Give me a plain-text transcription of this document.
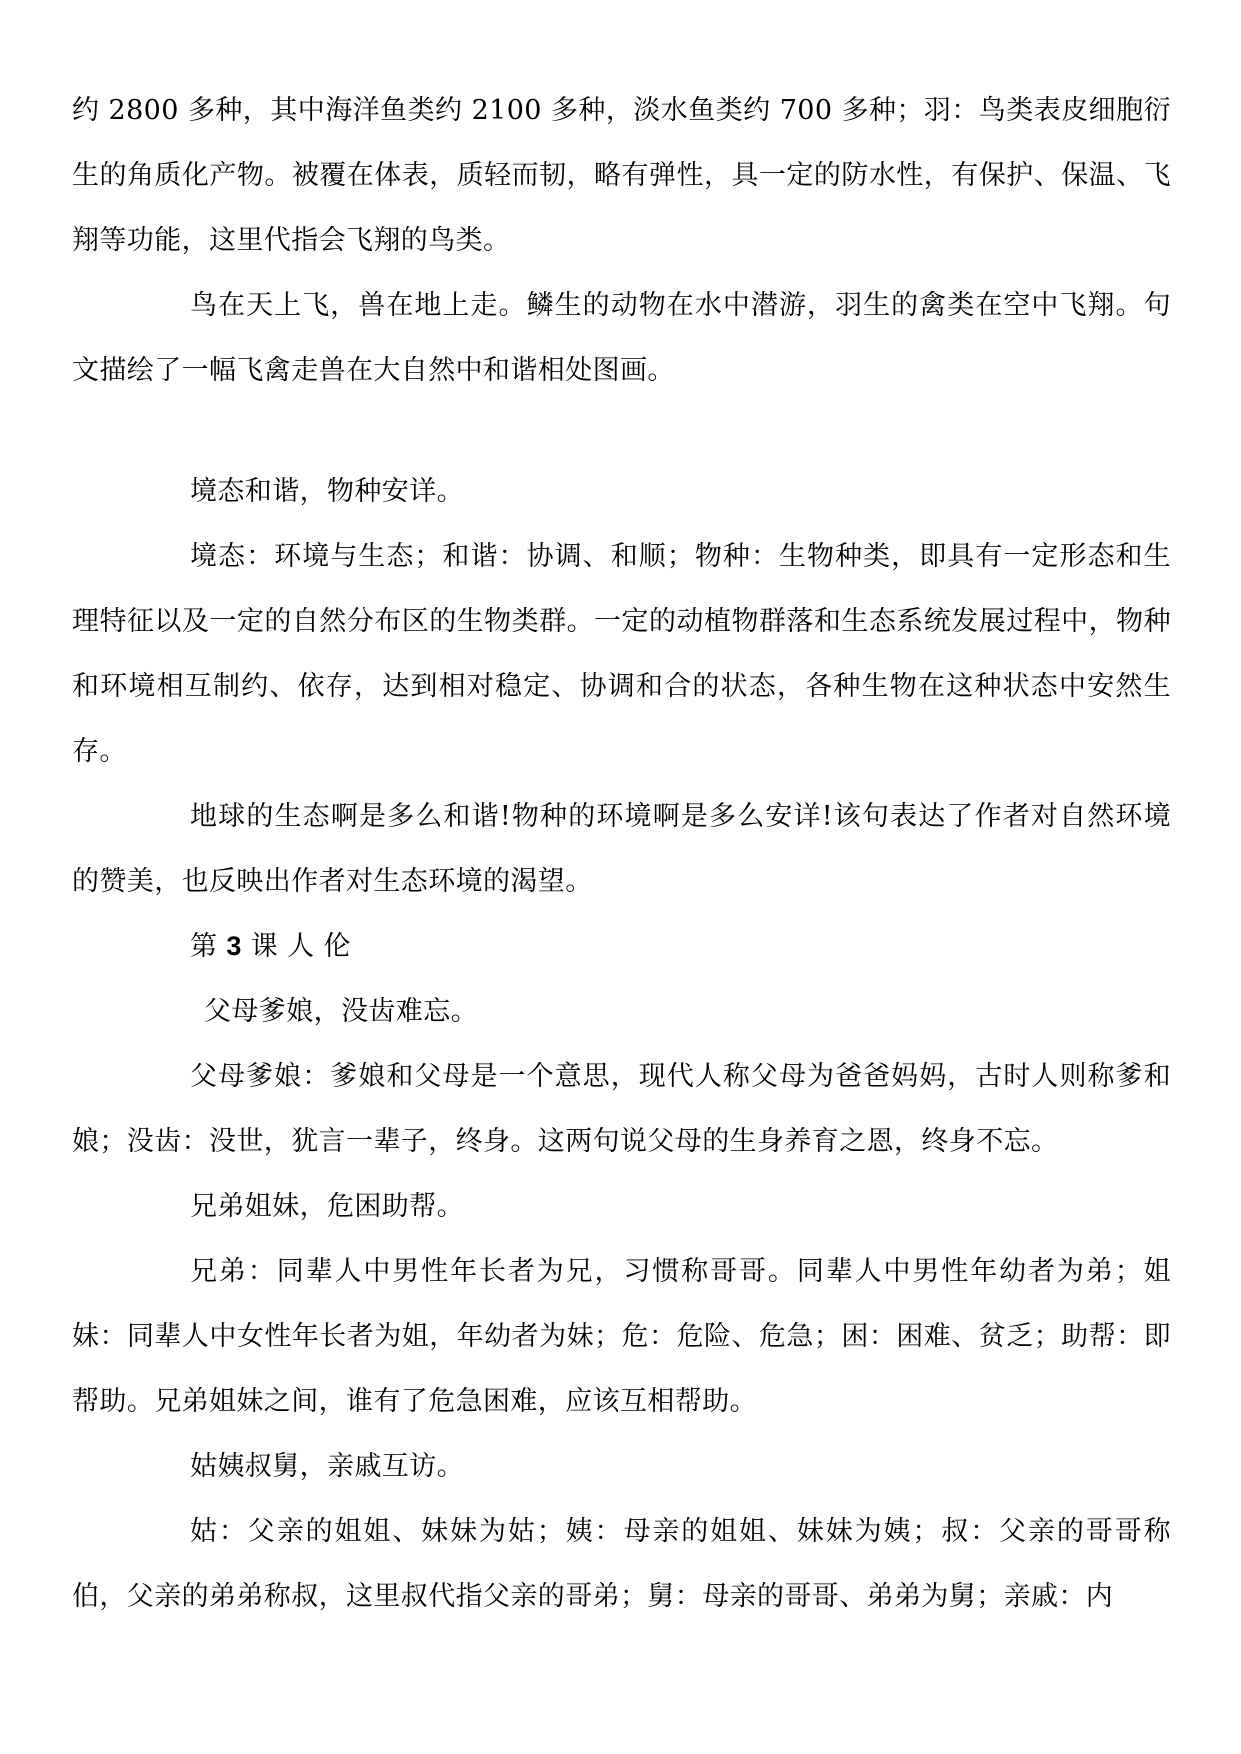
约 2800 多种，其中海洋鱼类约 2100 多种，淡水鱼类约 700 多种；羽：鸟类表皮细胞衍生的角质化产物。被覆在体表，质轻而韧，略有弹性，具一定的防水性，有保护、保温、飞翔等功能，这里代指会飞翔的鸟类。

鸟在天上飞，兽在地上走。鳞生的动物在水中潜游，羽生的禽类在空中飞翔。句文描绘了一幅飞禽走兽在大自然中和谐相处图画。

境态和谐，物种安详。

境态：环境与生态；和谐：协调、和顺；物种：生物种类，即具有一定形态和生理特征以及一定的自然分布区的生物类群。一定的动植物群落和生态系统发展过程中，物种和环境相互制约、依存，达到相对稳定、协调和合的状态，各种生物在这种状态中安然生存。

地球的生态啊是多么和谐!物种的环境啊是多么安详!该句表达了作者对自然环境的赞美，也反映出作者对生态环境的渴望。

第 3 课 人 伦

父母爹娘，没齿难忘。

父母爹娘：爹娘和父母是一个意思，现代人称父母为爸爸妈妈，古时人则称爹和娘；没齿：没世，犹言一辈子，终身。这两句说父母的生身养育之恩，终身不忘。

兄弟姐妹，危困助帮。

兄弟：同辈人中男性年长者为兄，习惯称哥哥。同辈人中男性年幼者为弟；姐妹：同辈人中女性年长者为姐，年幼者为妹；危：危险、危急；困：困难、贫乏；助帮：即帮助。兄弟姐妹之间，谁有了危急困难，应该互相帮助。

姑姨叔舅，亲戚互访。

姑：父亲的姐姐、妹妹为姑；姨：母亲的姐姐、妹妹为姨；叔：父亲的哥哥称伯，父亲的弟弟称叔，这里叔代指父亲的哥弟；舅：母亲的哥哥、弟弟为舅；亲戚：内
